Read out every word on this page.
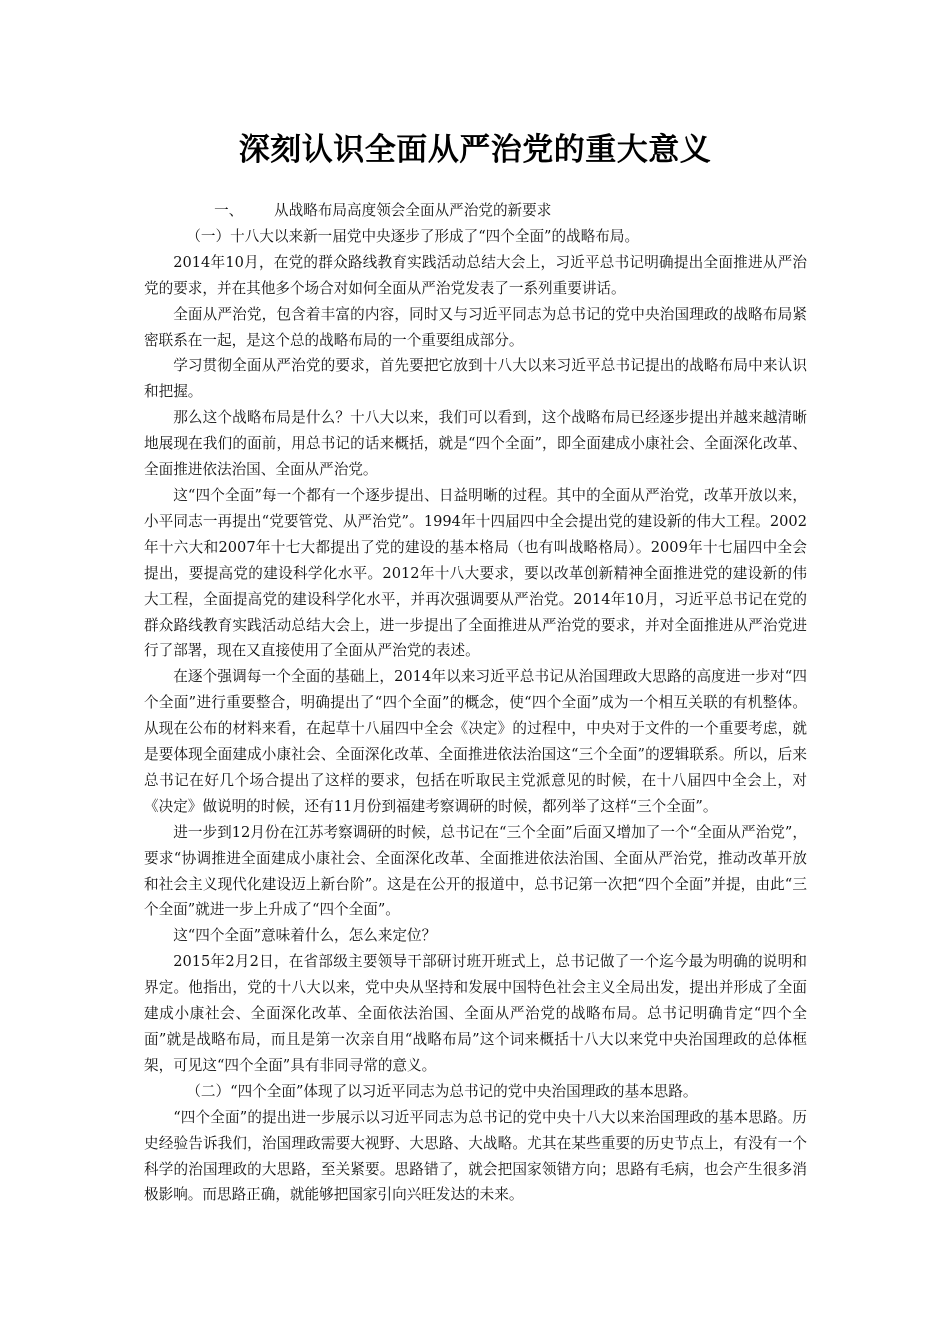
深刻认识全面从严治党的重大意义

一、 从战略布局高度领会全面从严治党的新要求

（一）十八大以来新一届党中央逐步了形成了“四个全面”的战略布局。

2014年10月，在党的群众路线教育实践活动总结大会上，习近平总书记明确提出全面推进从严治党的要求，并在其他多个场合对如何全面从严治党发表了一系列重要讲话。

全面从严治党，包含着丰富的内容，同时又与习近平同志为总书记的党中央治国理政的战略布局紧密联系在一起，是这个总的战略布局的一个重要组成部分。

学习贯彻全面从严治党的要求，首先要把它放到十八大以来习近平总书记提出的战略布局中来认识和把握。

那么这个战略布局是什么？十八大以来，我们可以看到，这个战略布局已经逐步提出并越来越清晰地展现在我们的面前，用总书记的话来概括，就是“四个全面”，即全面建成小康社会、全面深化改革、全面推进依法治国、全面从严治党。

这“四个全面”每一个都有一个逐步提出、日益明晰的过程。其中的全面从严治党，改革开放以来，小平同志一再提出“党要管党、从严治党”。1994年十四届四中全会提出党的建设新的伟大工程。2002年十六大和2007年十七大都提出了党的建设的基本格局（也有叫战略格局）。2009年十七届四中全会提出，要提高党的建设科学化水平。2012年十八大要求，要以改革创新精神全面推进党的建设新的伟大工程，全面提高党的建设科学化水平，并再次强调要从严治党。2014年10月，习近平总书记在党的群众路线教育实践活动总结大会上，进一步提出了全面推进从严治党的要求，并对全面推进从严治党进行了部署，现在又直接使用了全面从严治党的表述。

在逐个强调每一个全面的基础上，2014年以来习近平总书记从治国理政大思路的高度进一步对“四个全面”进行重要整合，明确提出了“四个全面”的概念，使“四个全面”成为一个相互关联的有机整体。从现在公布的材料来看，在起草十八届四中全会《决定》的过程中，中央对于文件的一个重要考虑，就是要体现全面建成小康社会、全面深化改革、全面推进依法治国这“三个全面”的逻辑联系。所以，后来总书记在好几个场合提出了这样的要求，包括在听取民主党派意见的时候，在十八届四中全会上，对《决定》做说明的时候，还有11月份到福建考察调研的时候，都列举了这样“三个全面”。

进一步到12月份在江苏考察调研的时候，总书记在“三个全面”后面又增加了一个“全面从严治党”，要求“协调推进全面建成小康社会、全面深化改革、全面推进依法治国、全面从严治党，推动改革开放和社会主义现代化建设迈上新台阶”。这是在公开的报道中，总书记第一次把“四个全面”并提，由此“三个全面”就进一步上升成了“四个全面”。

这“四个全面”意味着什么，怎么来定位？

2015年2月2日，在省部级主要领导干部研讨班开班式上，总书记做了一个迄今最为明确的说明和界定。他指出，党的十八大以来，党中央从坚持和发展中国特色社会主义全局出发，提出并形成了全面建成小康社会、全面深化改革、全面依法治国、全面从严治党的战略布局。总书记明确肯定“四个全面”就是战略布局，而且是第一次亲自用“战略布局”这个词来概括十八大以来党中央治国理政的总体框架，可见这“四个全面”具有非同寻常的意义。

（二）“四个全面”体现了以习近平同志为总书记的党中央治国理政的基本思路。

“四个全面”的提出进一步展示以习近平同志为总书记的党中央十八大以来治国理政的基本思路。历史经验告诉我们，治国理政需要大视野、大思路、大战略。尤其在某些重要的历史节点上，有没有一个科学的治国理政的大思路，至关紧要。思路错了，就会把国家领错方向；思路有毛病，也会产生很多消极影响。而思路正确，就能够把国家引向兴旺发达的未来。
